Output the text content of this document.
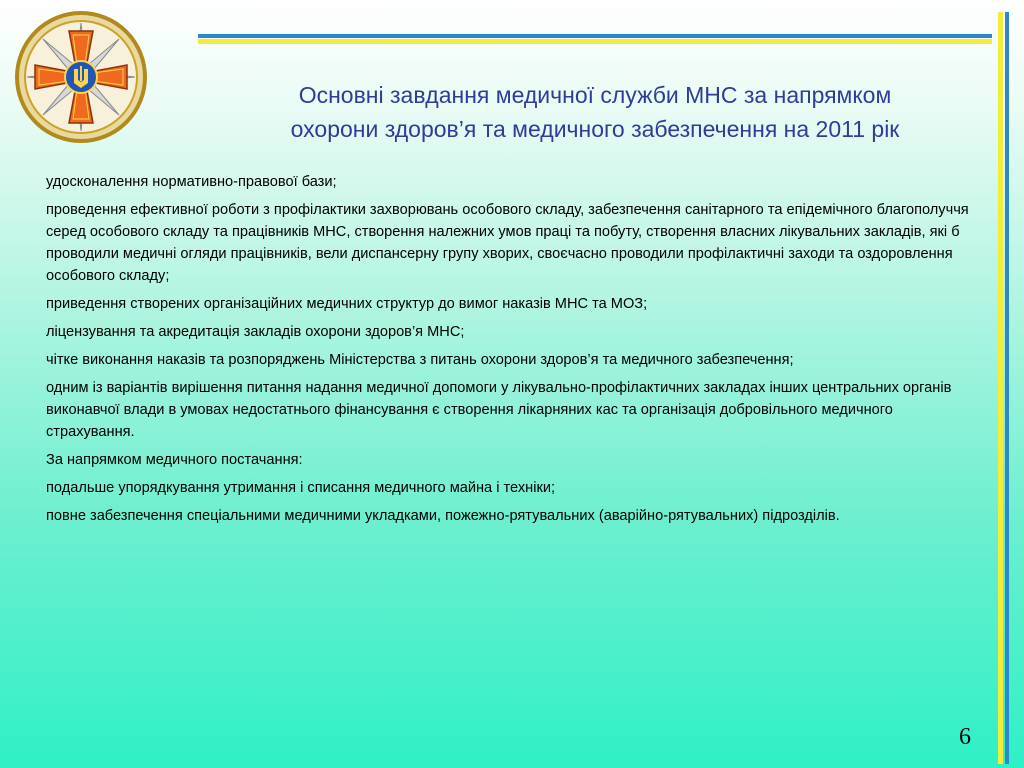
Основні завдання медичної служби МНС за напрямком
охорони здоров’я та медичного забезпечення на 2011 рік

удосконалення нормативно-правової бази;

проведення ефективної роботи з профілактики захворювань особового складу, забезпечення санітарного та епідемічного благополуччя серед особового складу та працівників МНС, створення належних умов праці та побуту, створення власних лікувальних закладів, які б проводили медичні огляди працівників, вели диспансерну групу хворих, своєчасно проводили профілактичні заходи та оздоровлення особового складу;

приведення створених організаційних медичних структур до вимог наказів МНС та МОЗ;

ліцензування та акредитація закладів охорони здоров’я МНС;

чітке виконання наказів та розпоряджень Міністерства з питань охорони здоров’я та медичного забезпечення;

одним із варіантів вирішення питання надання медичної допомоги у лікувально-профілактичних закладах інших центральних органів виконавчої влади в умовах недостатнього фінансування є створення лікарняних кас та організація добровільного медичного страхування.

За напрямком медичного постачання:

подальше упорядкування утримання і списання медичного майна і техніки;

повне забезпечення спеціальними медичними укладками, пожежно-рятувальних (аварійно-рятувальних) підрозділів.

6
